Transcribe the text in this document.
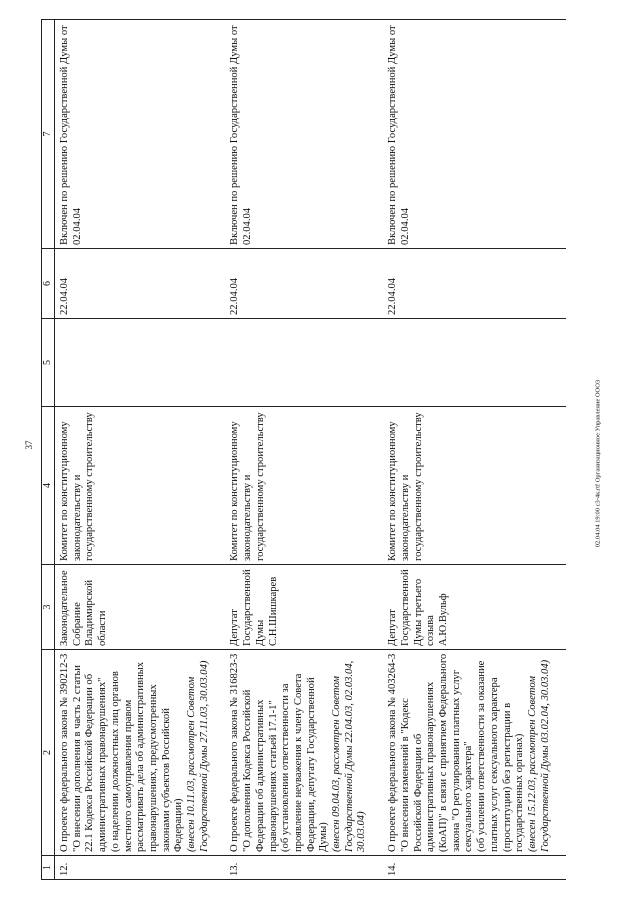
37
1	2	3	4	5	6	7
12.	О проекте федерального закона № 390212-3 "О внесении дополнения в часть 2 статьи 22.1 Кодекса Российской Федерации об административных правонарушениях" (о наделении должностных лиц органов местного самоуправления правом рассматривать дела об административных правонарушениях, предусмотренных законами субъектов Российской Федерации) (внесен 10.11.03, рассмотрен Советом Государственной Думы 27.11.03, 30.03.04)	Законодательное Собрание Владимирской области	Комитет по конституционному законодательству и государственному строительству		22.04.04	Включен по решению Государственной Думы от 02.04.04
13.	О проекте федерального закона № 316823-3 "О дополнении Кодекса Российской Федерации об административных правонарушениях статьей 17.1-1" (об установлении ответственности за проявление неуважения к члену Совета Федерации, депутату Государственной Думы) (внесен 09.04.03, рассмотрен Советом Государственной Думы 22.04.03, 02.03.04, 30.03.04)	Депутат Государственной Думы С.Н.Шишкарев	Комитет по конституционному законодательству и государственному строительству		22.04.04	Включен по решению Государственной Думы от 02.04.04
14.	О проекте федерального закона № 403264-3 "О внесении изменений в "Кодекс Российской Федерации об административных правонарушениях (КоАП)" в связи с принятием Федерального закона "О регулировании платных услуг сексуального характера" (об усилении ответственности за оказание платных услуг сексуального характера (проституции) без регистрации в государственных органах) (внесен 15.12.03, рассмотрен Советом Государственной Думы 03.02.04, 30.03.04)	Депутат Государственной Думы третьего созыва А.Ю.Вульф	Комитет по конституционному законодательству и государственному строительству		22.04.04	Включен по решению Государственной Думы от 02.04.04
02.04.04 19:00 с3-4к.rtf Организационное Управление ООО3
